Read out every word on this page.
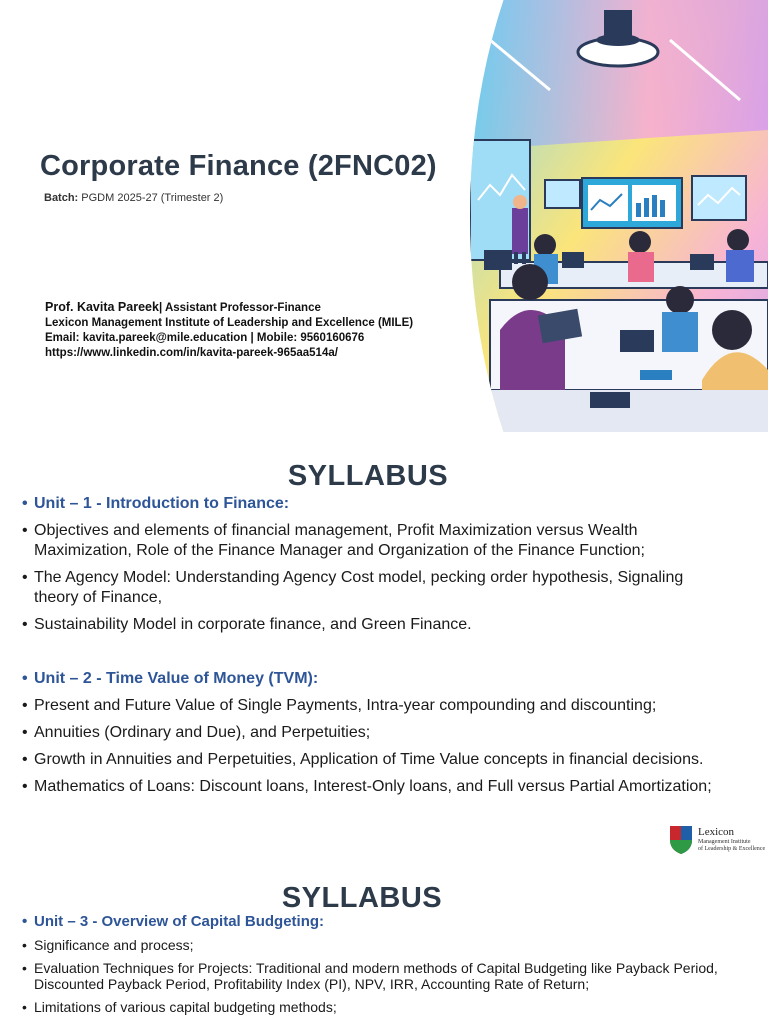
Corporate Finance (2FNC02)
Batch: PGDM 2025-27 (Trimester 2)
Prof. Kavita Pareek| Assistant Professor-Finance
Lexicon Management Institute of Leadership and Excellence (MILE)
Email: kavita.pareek@mile.education | Mobile: 9560160676
https://www.linkedin.com/in/kavita-pareek-965aa514a/
SYLLABUS
• Unit – 1 - Introduction to Finance:
• Objectives and elements of financial management, Profit Maximization versus Wealth Maximization, Role of the Finance Manager and Organization of the Finance Function;
• The Agency Model: Understanding Agency Cost model, pecking order hypothesis, Signaling theory of Finance,
• Sustainability Model in corporate finance, and Green Finance.
• Unit – 2 - Time Value of Money (TVM):
• Present and Future Value of Single Payments, Intra-year compounding and discounting;
• Annuities (Ordinary and Due), and Perpetuities;
• Growth in Annuities and Perpetuities, Application of Time Value concepts in financial decisions.
• Mathematics of Loans: Discount loans, Interest-Only loans, and Full versus Partial Amortization;
Lexicon
Management Institute
of Leadership & Excellence
SYLLABUS
• Unit – 3 - Overview of Capital Budgeting:
• Significance and process;
• Evaluation Techniques for Projects: Traditional and modern methods of Capital Budgeting like Payback Period, Discounted Payback Period, Profitability Index (PI), NPV, IRR, Accounting Rate of Return;
• Limitations of various capital budgeting methods;
